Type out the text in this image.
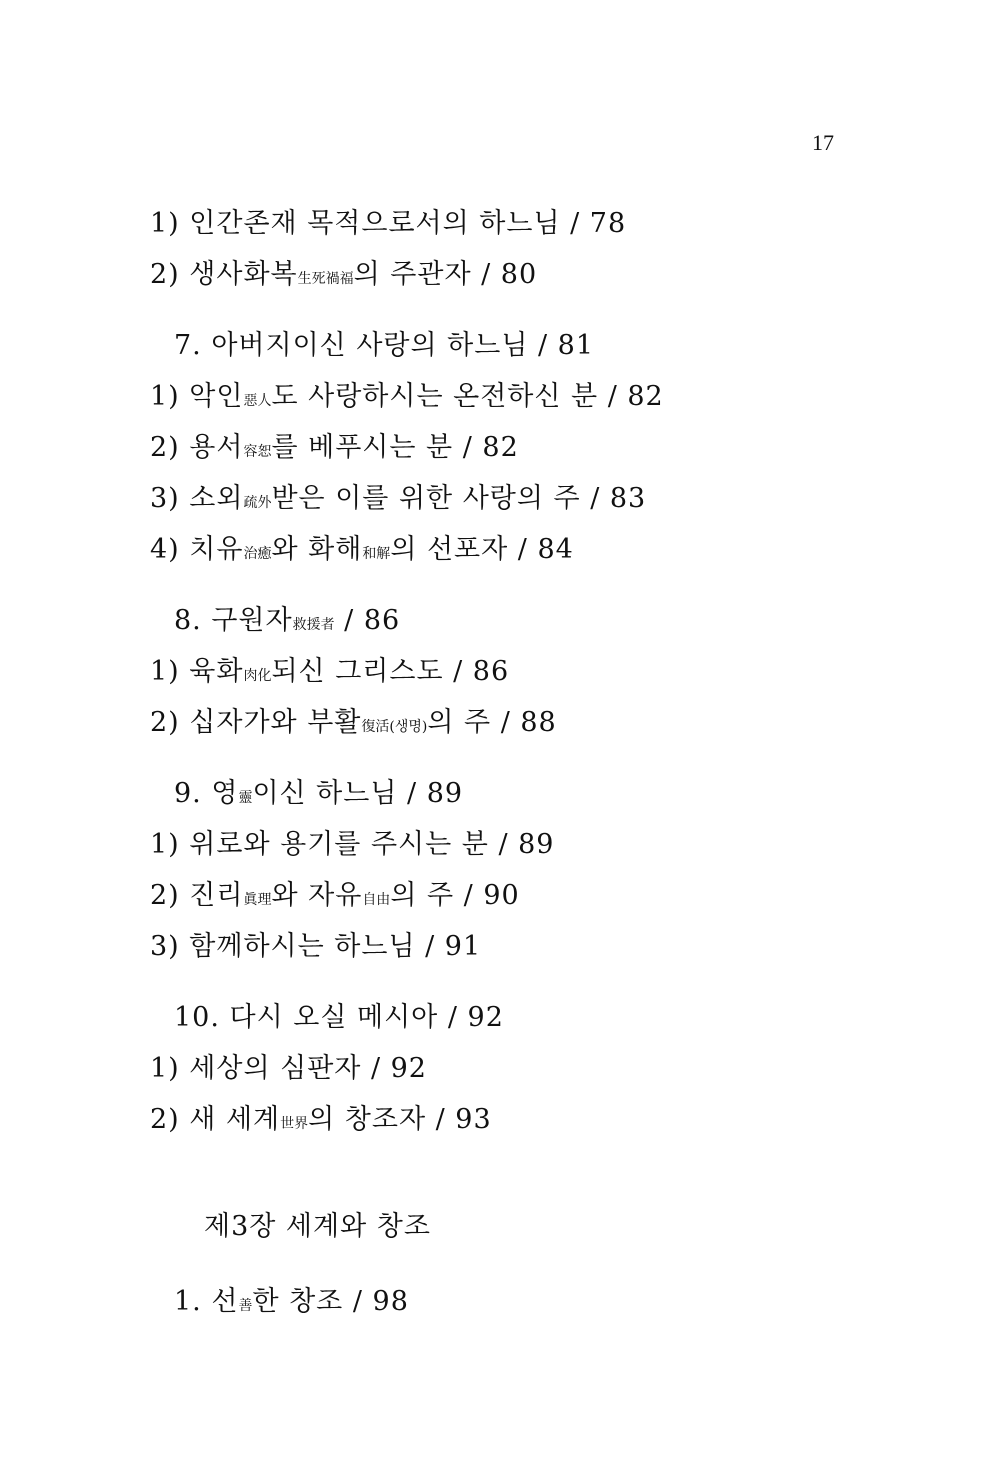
17
1) 인간존재 목적으로서의 하느님 / 78
2) 생사화복生死禍福의 주관자 / 80
7. 아버지이신 사랑의 하느님 / 81
1) 악인惡人도 사랑하시는 온전하신 분 / 82
2) 용서容恕를 베푸시는 분 / 82
3) 소외疏外받은 이를 위한 사랑의 주 / 83
4) 치유治癒와 화해和解의 선포자 / 84
8. 구원자救援者 / 86
1) 육화肉化되신 그리스도 / 86
2) 십자가와 부활復活(생명)의 주 / 88
9. 영靈이신 하느님 / 89
1) 위로와 용기를 주시는 분 / 89
2) 진리眞理와 자유自由의 주 / 90
3) 함께하시는 하느님 / 91
10. 다시 오실 메시아 / 92
1) 세상의 심판자 / 92
2) 새 세계世界의 창조자 / 93
제3장 세계와 창조
1. 선善한 창조 / 98
